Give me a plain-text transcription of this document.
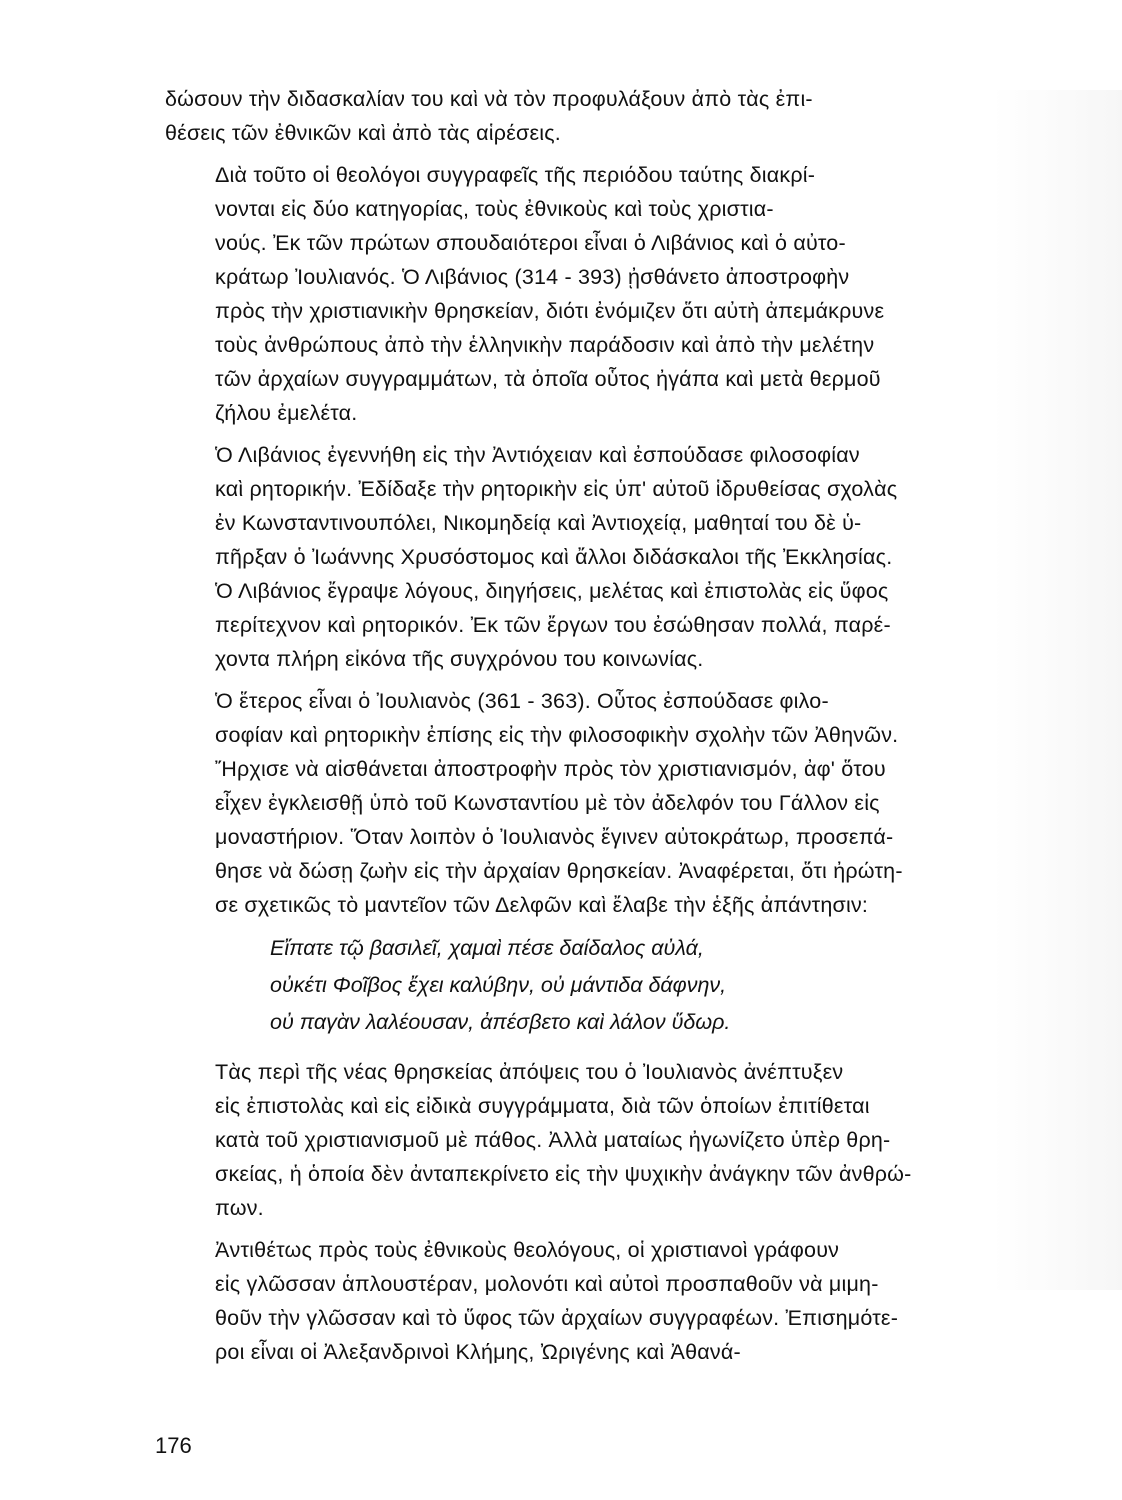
δώσουν τὴν διδασκαλίαν του καὶ νὰ τὸν προφυλάξουν ἀπὸ τὰς ἐπι-
θέσεις τῶν ἐθνικῶν καὶ ἀπὸ τὰς αἱρέσεις.

Διὰ τοῦτο οἱ θεολόγοι συγγραφεῖς τῆς περιόδου ταύτης διακρί-
νονται εἰς δύο κατηγορίας, τοὺς ἐθνικοὺς καὶ τοὺς χριστια-
νούς. Ἐκ τῶν πρώτων σπουδαιότεροι εἶναι ὁ Λιβάνιος καὶ ὁ αὐτο-
κράτωρ Ἰουλιανός. Ὁ Λιβάνιος (314 - 393) ᾐσθάνετο ἀποστροφὴν
πρὸς τὴν χριστιανικὴν θρησκείαν, διότι ἐνόμιζεν ὅτι αὐτὴ ἀπεμάκρυνε
τοὺς ἀνθρώπους ἀπὸ τὴν ἑλληνικὴν παράδοσιν καὶ ἀπὸ τὴν μελέτην
τῶν ἀρχαίων συγγραμμάτων, τὰ ὁποῖα οὗτος ἠγάπα καὶ μετὰ θερμοῦ
ζήλου ἐμελέτα.

Ὁ Λιβάνιος ἐγεννήθη εἰς τὴν Ἀντιόχειαν καὶ ἐσπούδασε φιλοσοφίαν
καὶ ρητορικήν. Ἐδίδαξε τὴν ρητορικὴν εἰς ὑπ' αὐτοῦ ἱδρυθείσας σχολὰς
ἐν Κωνσταντινουπόλει, Νικομηδείᾳ καὶ Ἀντιοχείᾳ, μαθηταί του δὲ ὑ-
πῆρξαν ὁ Ἰωάννης Χρυσόστομος καὶ ἄλλοι διδάσκαλοι τῆς Ἐκκλησίας.
Ὁ Λιβάνιος ἔγραψε λόγους, διηγήσεις, μελέτας καὶ ἐπιστολὰς εἰς ὕφος
περίτεχνον καὶ ρητορικόν. Ἐκ τῶν ἔργων του ἐσώθησαν πολλά, παρέ-
χοντα πλήρη εἰκόνα τῆς συγχρόνου του κοινωνίας.

Ὁ ἕτερος εἶναι ὁ Ἰουλιανὸς (361 - 363). Οὗτος ἐσπούδασε φιλο-
σοφίαν καὶ ρητορικὴν ἐπίσης εἰς τὴν φιλοσοφικὴν σχολὴν τῶν Ἀθηνῶν.
Ἤρχισε νὰ αἰσθάνεται ἀποστροφὴν πρὸς τὸν χριστιανισμόν, ἀφ' ὅτου
εἶχεν ἐγκλεισθῇ ὑπὸ τοῦ Κωνσταντίου μὲ τὸν ἀδελφόν του Γάλλον εἰς
μοναστήριον. Ὅταν λοιπὸν ὁ Ἰουλιανὸς ἔγινεν αὐτοκράτωρ, προσεπά-
θησε νὰ δώσῃ ζωὴν εἰς τὴν ἀρχαίαν θρησκείαν. Ἀναφέρεται, ὅτι ἠρώτη-
σε σχετικῶς τὸ μαντεῖον τῶν Δελφῶν καὶ ἔλαβε τὴν ἑξῆς ἀπάντησιν:

Εἴπατε τῷ βασιλεῖ, χαμαὶ πέσε δαίδαλος αὐλά,
οὐκέτι Φοῖβος ἔχει καλύβην, οὐ μάντιδα δάφνην,
οὐ παγὰν λαλέουσαν, ἀπέσβετο καὶ λάλον ὕδωρ.

Τὰς περὶ τῆς νέας θρησκείας ἀπόψεις του ὁ Ἰουλιανὸς ἀνέπτυξεν
εἰς ἐπιστολὰς καὶ εἰς εἰδικὰ συγγράμματα, διὰ τῶν ὁποίων ἐπιτίθεται
κατὰ τοῦ χριστιανισμοῦ μὲ πάθος. Ἀλλὰ ματαίως ἠγωνίζετο ὑπὲρ θρη-
σκείας, ἡ ὁποία δὲν ἀνταπεκρίνετο εἰς τὴν ψυχικὴν ἀνάγκην τῶν ἀνθρώ-
πων.

Ἀντιθέτως πρὸς τοὺς ἐθνικοὺς θεολόγους, οἱ χριστιανοὶ γράφουν
εἰς γλῶσσαν ἁπλουστέραν, μολονότι καὶ αὐτοὶ προσπαθοῦν νὰ μιμη-
θοῦν τὴν γλῶσσαν καὶ τὸ ὕφος τῶν ἀρχαίων συγγραφέων. Ἐπισημότε-
ροι εἶναι οἱ Ἀλεξανδρινοὶ Κλήμης, Ὠριγένης καὶ Ἀθανά-

176
